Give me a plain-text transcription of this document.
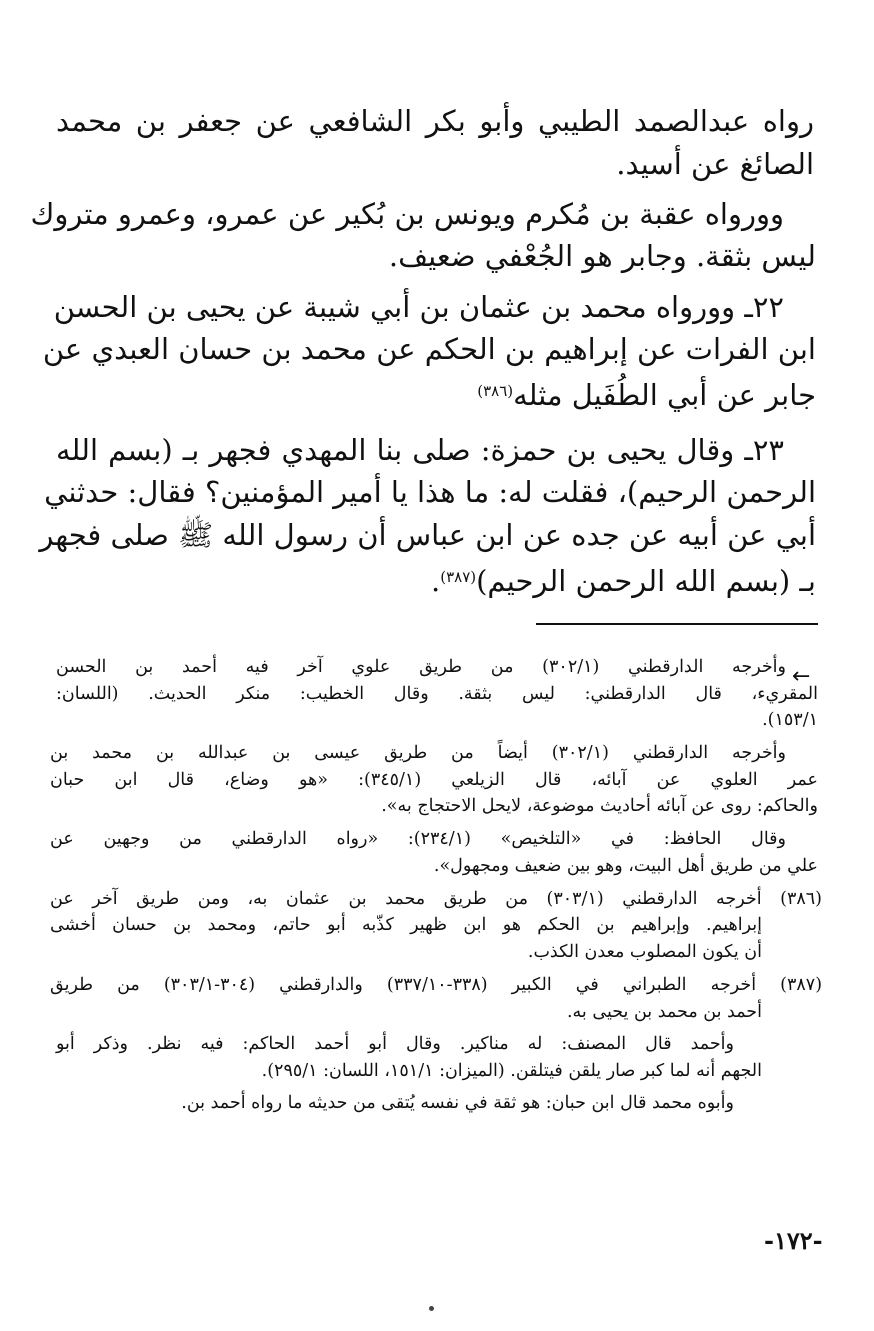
رواه عبدالصمد الطيبي وأبو بكر الشافعي عن جعفر بن محمد
الصائغ عن أسيد.
وورواه عقبة بن مُكرم ويونس بن بُكير عن عمرو، وعمرو متروك
ليس بثقة. وجابر هو الجُعْفي ضعيف.
٢٢ـ وورواه محمد بن عثمان بن أبي شيبة عن يحيى بن الحسن
ابن الفرات عن إبراهيم بن الحكم عن محمد بن حسان العبدي عن
جابر عن أبي الطُفَيل مثله$^{(٣٨٦)}$
٢٣ـ وقال يحيى بن حمزة: صلى بنا المهدي فجهر بـ (بسم الله
الرحمن الرحيم)، فقلت له: ما هذا يا أمير المؤمنين؟ فقال: حدثني
أبي عن أبيه عن جده عن ابن عباس أن رسول الله ﷺ صلى فجهر
بـ (بسم الله الرحمن الرحيم)$^{(٣٨٧)}$.
←
وأخرجه الدارقطني (٣٠٢/١) من طريق علوي آخر فيه أحمد بن الحسن
المقريء، قال الدارقطني: ليس بثقة. وقال الخطيب: منكر الحديث. (اللسان:
١٥٣/١).
وأخرجه الدارقطني (٣٠٢/١) أيضاً من طريق عيسى بن عبدالله بن محمد بن
عمر العلوي عن آبائه، قال الزيلعي (٣٤٥/١): «هو وضاع، قال ابن حبان
والحاكم: روى عن آبائه أحاديث موضوعة، لايحل الاحتجاج به».
وقال الحافظ: في «التلخيص» (٢٣٤/١): «رواه الدارقطني من وجهين عن
علي من طريق أهل البيت، وهو بين ضعيف ومجهول».
(٣٨٦) أخرجه الدارقطني (٣٠٣/١) من طريق محمد بن عثمان به، ومن طريق آخر عن
إبراهيم. وإبراهيم بن الحكم هو ابن ظهير كذّبه أبو حاتم، ومحمد بن حسان أخشى
أن يكون المصلوب معدن الكذب.
(٣٨٧) أخرجه الطبراني في الكبير (٣٣٨-٣٣٧/١٠) والدارقطني (٣٠٤-٣٠٣/١) من طريق
أحمد بن محمد بن يحيى به.
وأحمد قال المصنف: له مناكير. وقال أبو أحمد الحاكم: فيه نظر. وذكر أبو
الجهم أنه لما كبر صار يلقن فيتلقن. (الميزان: ١٥١/١، اللسان: ٢٩٥/١).
وأبوه محمد قال ابن حبان: هو ثقة في نفسه يُتقى من حديثه ما رواه أحمد بن.
-١٧٢-
